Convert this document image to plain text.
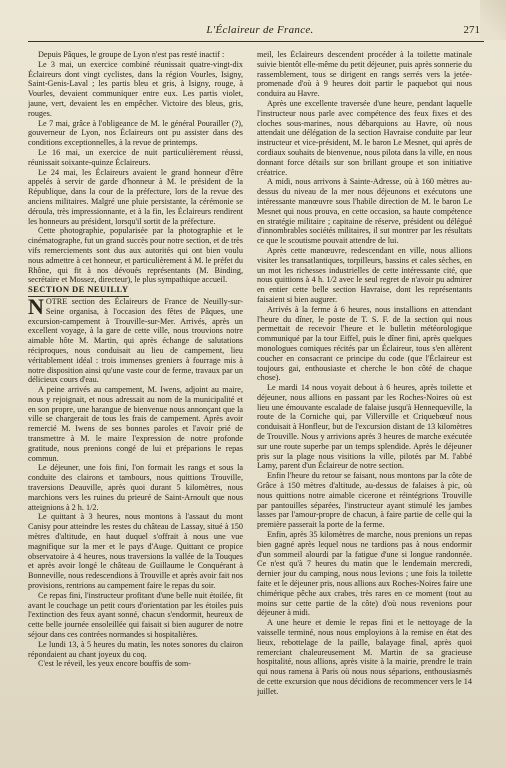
L'Éclaireur de France.	271

Depuis Pâques, le groupe de Lyon n'est pas resté inactif :

Le 3 mai, un exercice combiné réunissait quatre-vingt-dix Éclaireurs dont vingt cyclistes, dans la région Vourles, Isigny, Saint-Genis-Laval ; les partis bleu et gris, à Isigny, rouge, à Vourles, devaient communiquer entre eux. Les partis violet, jaune, vert, devaient les en empêcher. Victoire des bleus, gris, rouges.

Le 7 mai, grâce à l'obligeance de M. le général Pourailler (?), gouverneur de Lyon, nos Éclaireurs ont pu assister dans des conditions exceptionnelles, à la revue de printemps.

Le 16 mai, un exercice de nuit particulièrement réussi, réunissait soixante-quinze Éclaireurs.

Le 24 mai, les Éclaireurs avaient le grand honneur d'être appelés à servir de garde d'honneur à M. le président de la République, dans la cour de la préfecture, lors de la revue des anciens militaires. Malgré une pluie persistante, la cérémonie se déroula, très impressionnante, et à la fin, les Éclaireurs rendirent les honneurs au président, lorsqu'il sortit de la préfecture.

Cette photographie, popularisée par la photographie et le cinématographe, fut un grand succès pour notre section, et de très vifs remerciements sont dus aux autorités qui ont bien voulu nous admettre à cet honneur, et particulièrement à M. le préfet du Rhône, qui fit à nos dévoués représentants (M. Binding, secrétaire et Mossez, directeur), le plus sympathique accueil.

SECTION DE NEUILLY

NOTRE section des Éclaireurs de France de Neuilly-sur-Seine organisa, à l'occasion des fêtes de Pâques, une excursion-campement à Trouville-sur-Mer. Arrivés, après un excellent voyage, à la gare de cette ville, nous trouvions notre aimable hôte M. Martin, qui après échange de salutations réciproques, nous conduisait au lieu de campement, lieu véritablement idéal : trois immenses greniers à fourrage mis à notre disposition ainsi qu'une vaste cour de ferme, travaux par un délicieux cours d'eau.

A peine arrivés au campement, M. Iwens, adjoint au maire, nous y rejoignait, et nous adressait au nom de la municipalité et en son propre, une harangue de bienvenue nous annonçant que la ville se chargerait de tous les frais de campement. Après avoir remercié M. Iwens de ses bonnes paroles et l'avoir prié de transmettre à M. le maire l'expression de notre profonde gratitude, nous prenions congé de lui et préparions le repas commun.

Le déjeuner, une fois fini, l'on formait les rangs et sous la conduite des clairons et tambours, nous quittions Trouville, traversions Deauville, après quoi durant 5 kilomètres, nous marchions vers les ruines du prieuré de Saint-Arnoult que nous atteignions à 2 h. 1/2.

Le quittant à 3 heures, nous montons à l'assaut du mont Canisy pour atteindre les restes du château de Lassay, situé à 150 mètres d'altitude, en haut duquel s'offrait à nous une vue magnifique sur la mer et le pays d'Auge. Quittant ce propice observatoire à 4 heures, nous traversions la vallée de la Touques et après avoir longé le château de Guillaume le Conquérant à Bonneville, nous redescendions à Trouville et après avoir fait nos provisions, rentrions au campement faire le repas du soir.

Ce repas fini, l'instructeur profitant d'une belle nuit étoilée, fit avant le couchage un petit cours d'orientation par les étoiles puis l'extinction des feux ayant sonné, chacun s'endormit, heureux de cette belle journée ensoleillée qui faisait si bien augurer de notre séjour dans ces contrées normandes si hospitalières.

Le lundi 13, à 5 heures du matin, les notes sonores du clairon répondaient au chant joyeux du coq.

C'est le réveil, les yeux encore bouffis de som-

meil, les Éclaireurs descendent procéder à la toilette matinale suivie bientôt elle-même du petit déjeuner, puis après sonnerie du rassemblement, tous se dirigent en rangs serrés vers la jetée-promenade d'où à 9 heures doit partir le paquebot qui nous conduira au Havre.

Après une excellente traversée d'une heure, pendant laquelle l'instructeur nous parle avec compétence des feux fixes et des cloches sous-marines, nous débarquions au Havre, où nous attendait une délégation de la section Havraise conduite par leur instructeur et vice-président, M. le baron Le Mesnet, qui après de cordiaux souhaits de bienvenue, nous pilota dans la ville, en nous donnant force détails sur son brillant groupe et son initiative créatrice.

A midi, nous arrivons à Sainte-Adresse, où à 160 mètres au-dessus du niveau de la mer nous déjeunons et exécutons une intéressante manœuvre sous l'habile direction de M. le baron Le Mesnet qui nous prouva, en cette occasion, sa haute compétence en stratégie militaire ; capitaine de réserve, président ou délégué d'innombrables sociétés militaires, il sut montrer par les résultats ce que le scoutisme pouvait attendre de lui.

Après cette manœuvre, redescendant en ville, nous allions visiter les transatlantiques, torpilleurs, bassins et cales sèches, en un mot les richesses industrielles de cette intéressante cité, que nous quittions à 4 h. 1/2 avec le seul regret de n'avoir pu admirer en entier cette belle section Havraise, dont les représentants faisaient si bien augurer.

Arrivés à la ferme à 6 heures, nous installions en attendant l'heure du dîner, le poste de T. S. F. de la section qui nous permettait de recevoir l'heure et le bulletin météorologique communiqué par la tour Eiffel, puis le dîner fini, après quelques monologues comiques récités par un Éclaireur, tous s'en allèrent coucher en consacrant ce principe du code (que l'Éclaireur est toujours gai, enthousiaste et cherche le bon côté de chaque chose).

Le mardi 14 nous voyait debout à 6 heures, après toilette et déjeuner, nous allions en passant par les Roches-Noires où est lieu une émouvante escalade de falaise jusqu'à Hennequeville, la route de la Corniche qui, par Villerville et Criquebœuf nous conduisait à Honfleur, but de l'excursion distant de 13 kilomètres de Trouville. Nous y arrivions après 3 heures de marche exécutée sur une route superbe par un temps splendide. Après le déjeuner pris sur la plage nous visitions la ville, pilotés par M. l'abbé Lamy, parent d'un Éclaireur de notre section.

Enfin l'heure du retour se faisant, nous montons par la côte de Grâce à 150 mètres d'altitude, au-dessus de falaises à pic, où nous quittions notre aimable cicerone et réintégrions Trouville par pantouilles séparées, l'instructeur ayant stimulé les jambes lasses par l'amour-propre de chacun, à faire partie de celle qui la première passerait la porte de la ferme.

Enfin, après 35 kilomètres de marche, nous prenions un repas bien gagné après lequel nous ne tardions pas à nous endormir d'un sommeil alourdi par la fatigue d'une si longue randonnée. Ce n'est qu'à 7 heures du matin que le lendemain mercredi, dernier jour du camping, nous nous levions ; une fois la toilette faite et le déjeuner pris, nous allions aux Roches-Noires faire une chimérique pêche aux crabes, très rares en ce moment (tout au moins sur cette partie de la côte) d'où nous revenions pour déjeuner à midi.

A une heure et demie le repas fini et le nettoyage de la vaisselle terminé, nous nous employions à la remise en état des lieux, rebottelage de la paille, balayage final, après quoi remerciant chaleureusement M. Martin de sa gracieuse hospitalité, nous allions, après visite à la mairie, prendre le train qui nous ramena à Paris où nous nous séparions, enthousiasmés de cette excursion que nous décidions de recommencer vers le 14 juillet.
